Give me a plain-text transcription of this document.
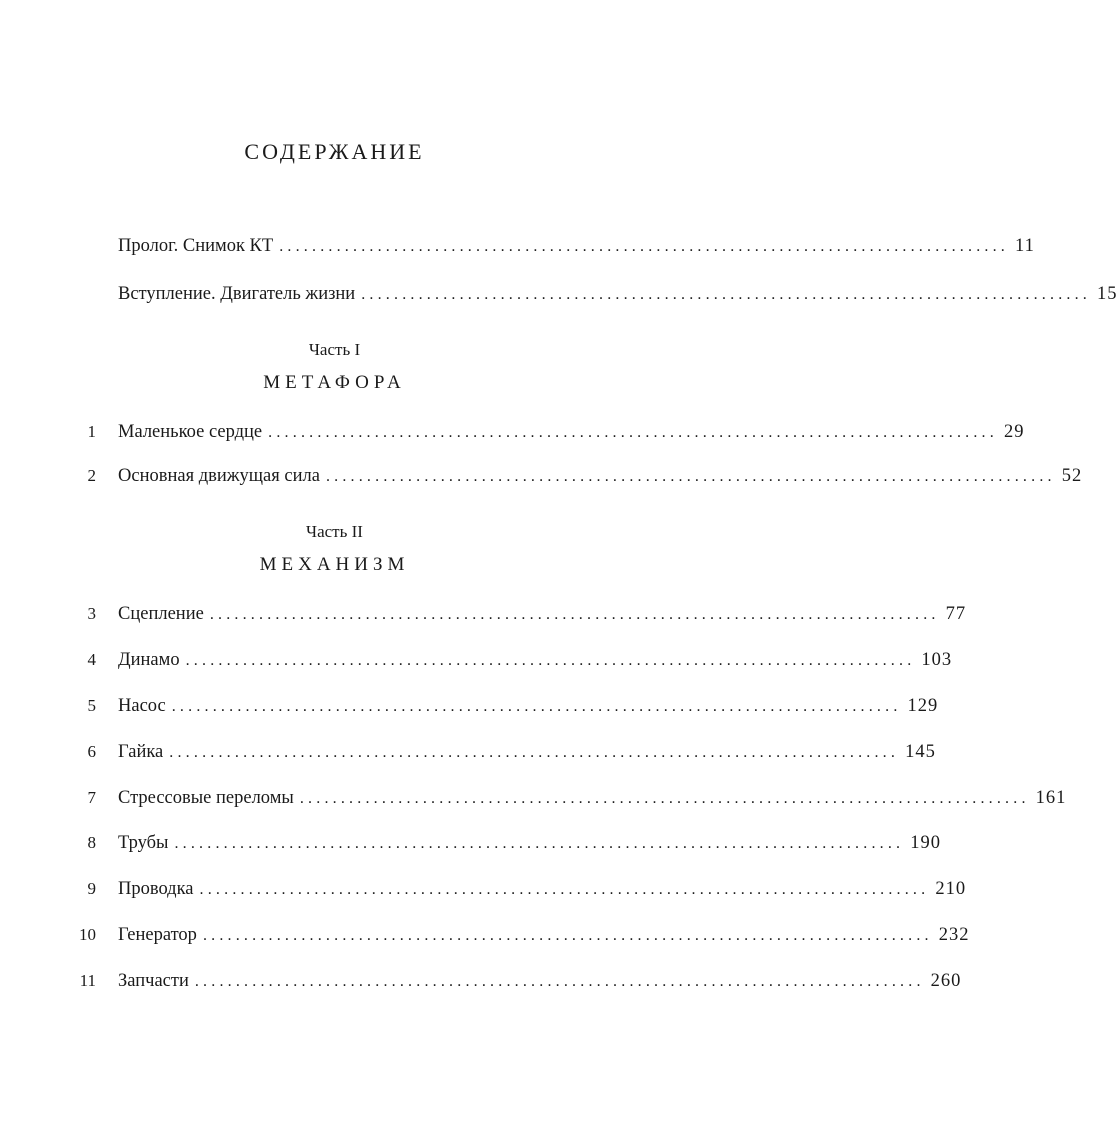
СОДЕРЖАНИЕ
Пролог. Снимок КТ ......................................................................................... 11
Вступление. Двигатель жизни ......................................................................................... 15
Часть I
МЕТАФОРА
1 Маленькое сердце ......................................................................................... 29
2 Основная движущая сила ......................................................................................... 52
Часть II
МЕХАНИЗМ
3 Сцепление ......................................................................................... 77
4 Динамо ......................................................................................... 103
5 Насос ......................................................................................... 129
6 Гайка ......................................................................................... 145
7 Стрессовые переломы ......................................................................................... 161
8 Трубы ......................................................................................... 190
9 Проводка ......................................................................................... 210
10 Генератор ......................................................................................... 232
11 Запчасти ......................................................................................... 260
